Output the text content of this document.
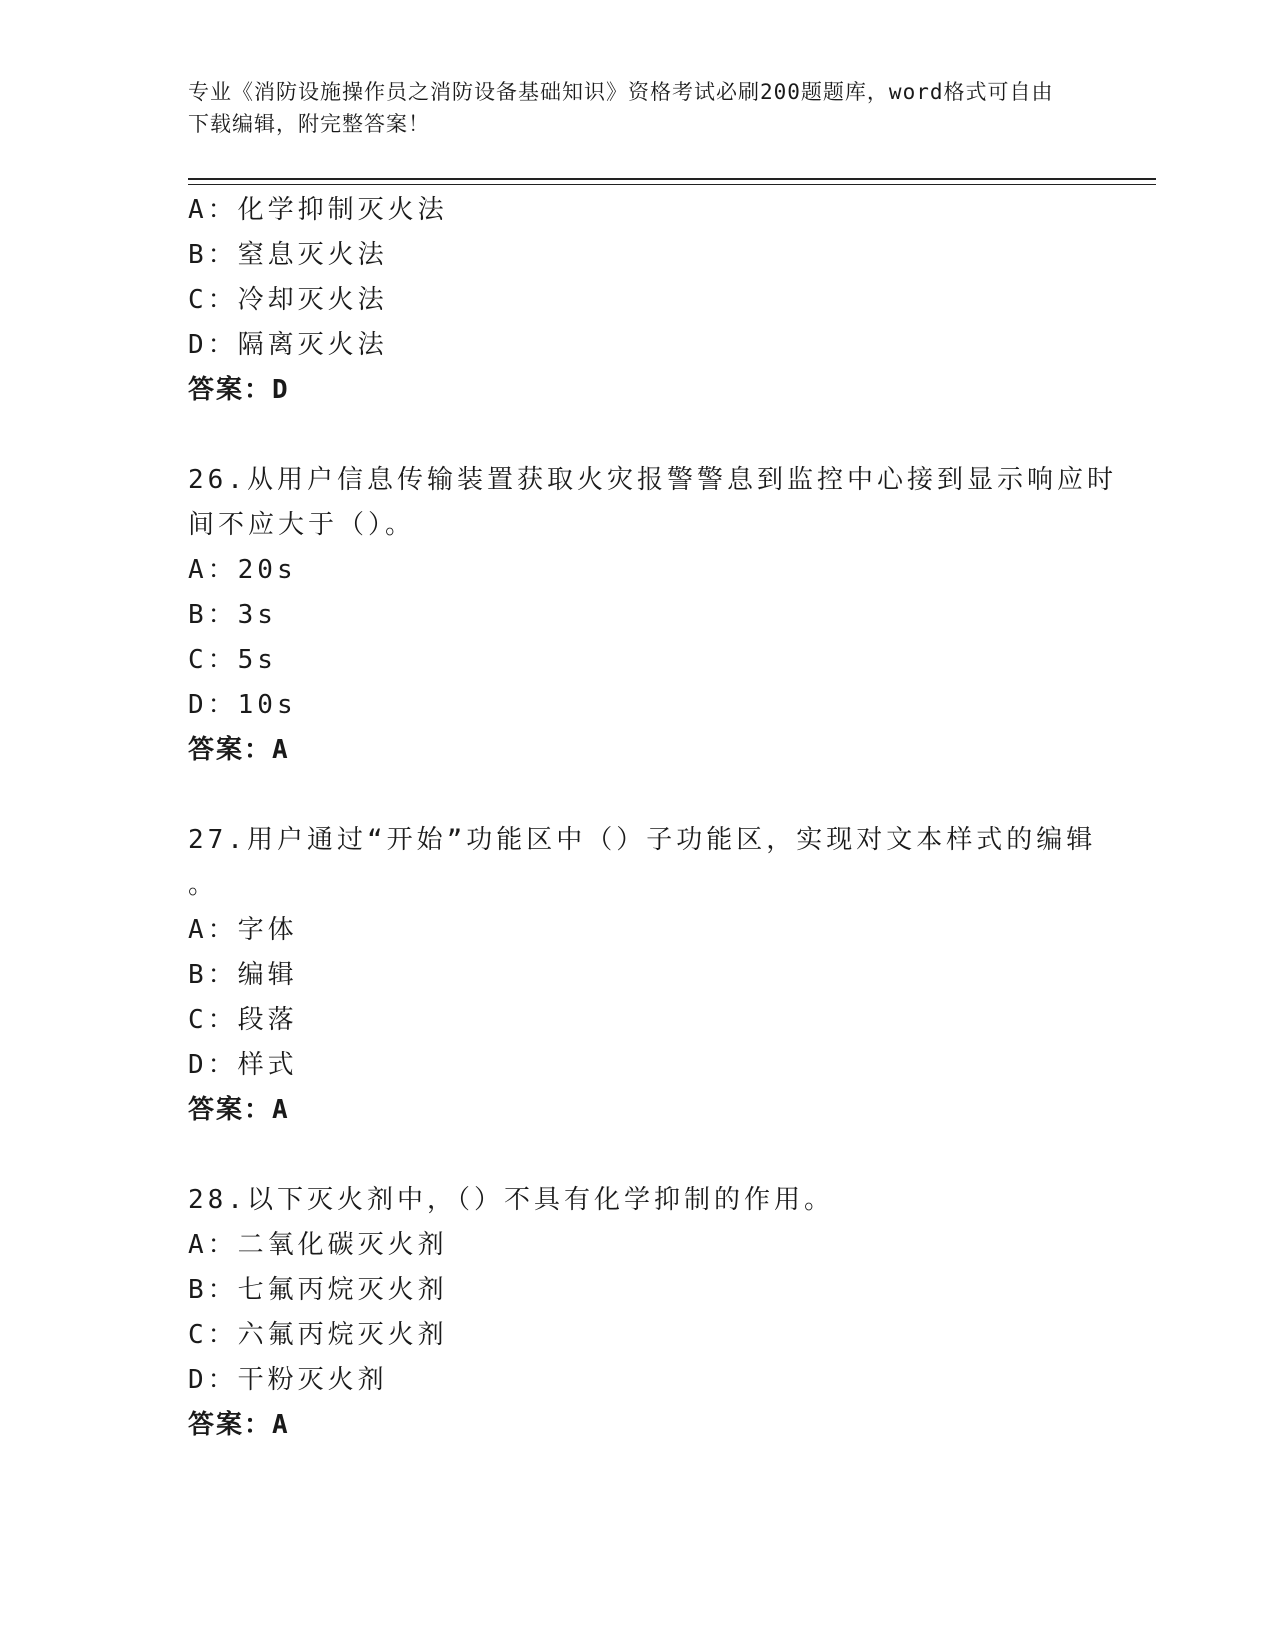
专业《消防设施操作员之消防设备基础知识》资格考试必刷200题题库，word格式可自由下载编辑，附完整答案！
A：化学抑制灭火法
B：窒息灭火法
C：冷却灭火法
D：隔离灭火法
答案：D
26.从用户信息传输装置获取火灾报警警息到监控中心接到显示响应时
间不应大于（）。
A：20s
B：3s
C：5s
D：10s
答案：A
27.用户通过“开始”功能区中（）子功能区，实现对文本样式的编辑
。
A：字体
B：编辑
C：段落
D：样式
答案：A
28.以下灭火剂中，（）不具有化学抑制的作用。
A：二氧化碳灭火剂
B：七氟丙烷灭火剂
C：六氟丙烷灭火剂
D：干粉灭火剂
答案：A
